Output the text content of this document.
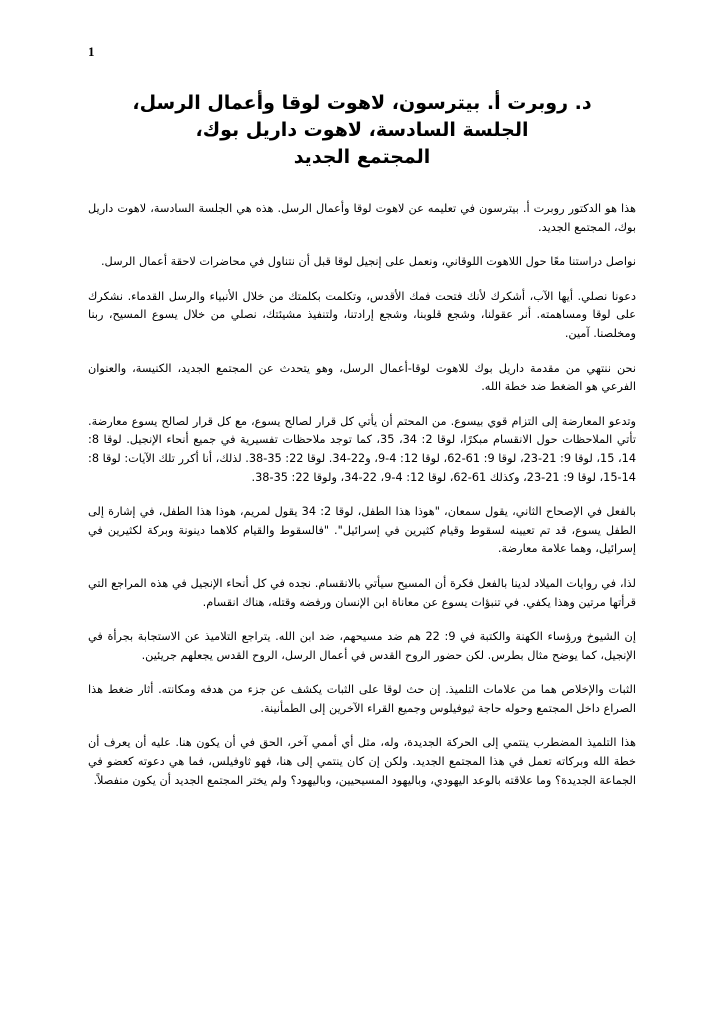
1
د. روبرت أ. بيترسون، لاهوت لوقا وأعمال الرسل،
الجلسة السادسة، لاهوت داريل بوك،
المجتمع الجديد

هذا هو الدكتور روبرت أ. بيترسون في تعليمه عن لاهوت لوقا وأعمال الرسل. هذه هي الجلسة السادسة، لاهوت داريل بوك، المجتمع الجديد.

نواصل دراستنا معًا حول اللاهوت اللوقاني، ونعمل على إنجيل لوقا قبل أن نتناول في محاضرات لاحقة أعمال الرسل.

دعونا نصلي. أيها الآب، أشكرك لأنك فتحت فمك الأقدس، وتكلمت بكلمتك من خلال الأنبياء والرسل القدماء. نشكرك على لوقا ومساهمته. أنر عقولنا، وشجع قلوبنا، وشجع إرادتنا، ولتنفيذ مشيئتك، نصلي من خلال يسوع المسيح، ربنا ومخلصنا. آمين.

نحن ننتهي من مقدمة داريل بوك للاهوت لوقا-أعمال الرسل، وهو يتحدث عن المجتمع الجديد، الكنيسة، والعنوان الفرعي هو الضغط ضد خطة الله.

وتدعو المعارضة إلى التزام قوي بيسوع. من المحتم أن يأتي كل قرار لصالح يسوع، مع كل قرار لصالح يسوع معارضة. تأتي الملاحظات حول الانقسام مبكرًا، لوقا 2: 34، 35، كما توجد ملاحظات تفسيرية في جميع أنحاء الإنجيل. لوقا 8: 14، 15، لوقا 9: 21-23، لوقا 9: 61-62، لوقا 12: 4-9، و22-34. لوقا 22: 35-38. لذلك، أنا أكرر تلك الآيات: لوقا 8: 14-15، لوقا 9: 21-23، وكذلك 61-62، لوقا 12: 4-9، 22-34، ولوقا 22: 35-38.

بالفعل في الإصحاح الثاني، يقول سمعان، "هوذا هذا الطفل، لوقا 2: 34 يقول لمريم، هوذا هذا الطفل، في إشارة إلى الطفل يسوع، قد تم تعيينه لسقوط وقيام كثيرين في إسرائيل". "فالسقوط والقيام كلاهما دينونة وبركة لكثيرين في إسرائيل، وهما علامة معارضة.

لذا، في روايات الميلاد لدينا بالفعل فكرة أن المسيح سيأتي بالانقسام. نجده في كل أنحاء الإنجيل في هذه المراجع التي قرأتها مرتين وهذا يكفي. في تنبؤات يسوع عن معاناة ابن الإنسان ورفضه وقتله، هناك انقسام.

إن الشيوخ ورؤساء الكهنة والكتبة في 9: 22 هم ضد مسيحهم، ضد ابن الله. يتراجع التلاميذ عن الاستجابة بجرأة في الإنجيل، كما يوضح مثال بطرس. لكن حضور الروح القدس في أعمال الرسل، الروح القدس يجعلهم جريئين.

الثبات والإخلاص هما من علامات التلميذ. إن حث لوقا على الثبات يكشف عن جزء من هدفه ومكانته. أثار ضغط هذا الصراع داخل المجتمع وحوله حاجة ثيوفيلوس وجميع القراء الآخرين إلى الطمأنينة.

هذا التلميذ المضطرب ينتمي إلى الحركة الجديدة، وله، مثل أي أممي آخر، الحق في أن يكون هنا. عليه أن يعرف أن خطة الله وبركاته تعمل في هذا المجتمع الجديد. ولكن إن كان ينتمي إلى هنا، فهو ثاوفيلس، فما هي دعوته كعضو في الجماعة الجديدة؟ وما علاقته بالوعد اليهودي، وباليهود المسيحيين، وباليهود؟ ولم يختر المجتمع الجديد أن يكون منفصلاً.
